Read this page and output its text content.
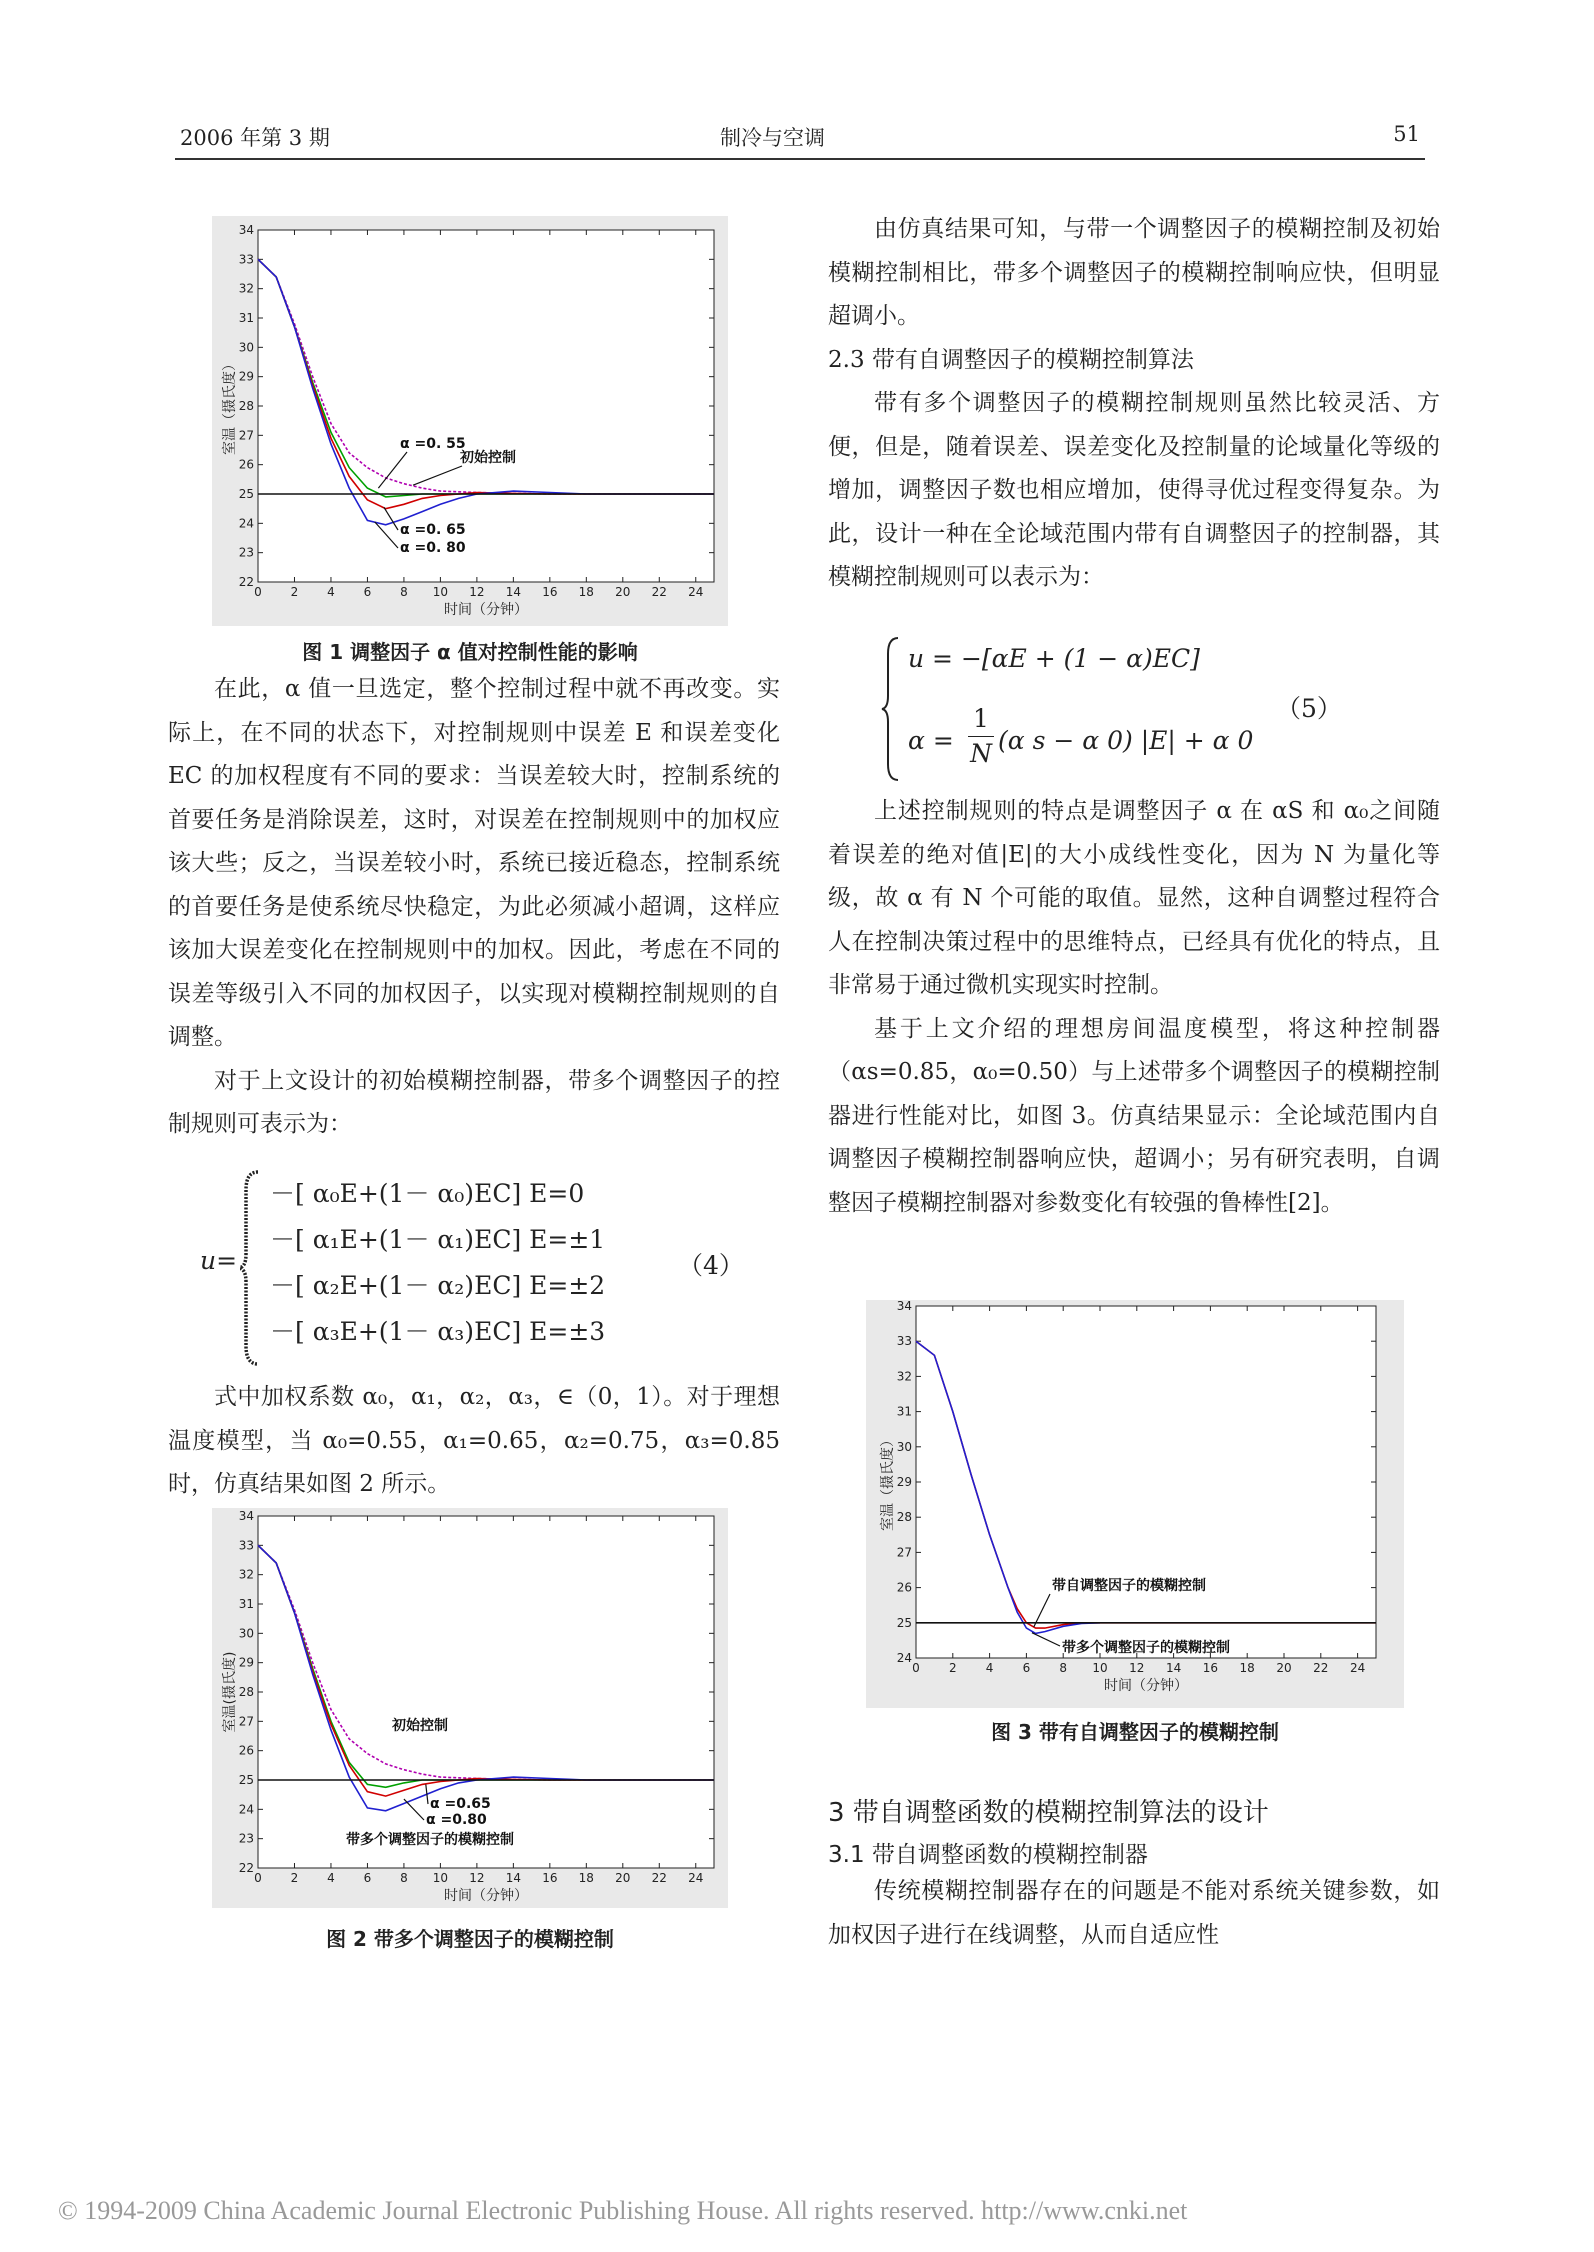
2006 年第 3 期	制冷与空调	51
0 2 4 6 8 10 12 14 16 18 20 22 24
22
23
24
25
26
27
28
29
30
31
32
33
34
时间（分钟）
室温（摄氏度）	α =0. 55
初始控制
α =0. 65
α =0. 80
图 1 调整因子 α 值对控制性能的影响

在此，α 值一旦选定，整个控制过程中就不再改变。实际上，在不同的状态下，对控制规则中误差 E 和误差变化 EC 的加权程度有不同的要求：当误差较大时，控制系统的首要任务是消除误差，这时，对误差在控制规则中的加权应该大些；反之，当误差较小时，系统已接近稳态，控制系统的首要任务是使系统尽快稳定，为此必须减小超调，这样应该加大误差变化在控制规则中的加权。因此，考虑在不同的误差等级引入不同的加权因子，以实现对模糊控制规则的自调整。

对于上文设计的初始模糊控制器，带多个调整因子的控制规则可表示为：

u=
－[ α₀E+(1－ α₀)EC] E=0
－[ α₁E+(1－ α₁)EC] E=±1
－[ α₂E+(1－ α₂)EC] E=±2
－[ α₃E+(1－ α₃)EC] E=±3
（4）

式中加权系数 α₀，α₁，α₂，α₃，∈（0，1）。对于理想温度模型，当 α₀=0.55，α₁=0.65，α₂=0.75，α₃=0.85 时，仿真结果如图 2 所示。

0 2 4 6 8 10 12 14 16 18 20 22 24
22
23
24
25
26
27
28
29
30
31
32
33
34
时间（分钟）
室温(摄氏度)	初始控制
α =0.65
α =0.80
带多个调整因子的模糊控制
图 2 带多个调整因子的模糊控制

由仿真结果可知，与带一个调整因子的模糊控制及初始模糊控制相比，带多个调整因子的模糊控制响应快，但明显超调小。

2.3 带有自调整因子的模糊控制算法

带有多个调整因子的模糊控制规则虽然比较灵活、方便，但是，随着误差、误差变化及控制量的论域量化等级的增加，调整因子数也相应增加，使得寻优过程变得复杂。为此，设计一种在全论域范围内带有自调整因子的控制器，其模糊控制规则可以表示为：

u = −[αE + (1 − α)EC]
$\alpha = \frac{1}{N} (\alpha$ s − α 0) |E| + α 0
（5）

上述控制规则的特点是调整因子 α 在 αS 和 α₀之间随着误差的绝对值|E|的大小成线性变化，因为 N 为量化等级，故 α 有 N 个可能的取值。显然，这种自调整过程符合人在控制决策过程中的思维特点，已经具有优化的特点，且非常易于通过微机实现实时控制。

基于上文介绍的理想房间温度模型，将这种控制器（αs=0.85，α₀=0.50）与上述带多个调整因子的模糊控制器进行性能对比，如图 3。仿真结果显示：全论域范围内自调整因子模糊控制器响应快，超调小；另有研究表明，自调整因子模糊控制器对参数变化有较强的鲁棒性[2]。

0 2 4 6 8 10 12 14 16 18 20 22 24
24
25
26
27
28
29
30
31
32
33
34
时间（分钟）
室温（摄氏度）
带自调整因子的模糊控制
带多个调整因子的模糊控制
图 3 带有自调整因子的模糊控制
3 带自调整函数的模糊控制算法的设计
3.1 带自调整函数的模糊控制器

传统模糊控制器存在的问题是不能对系统关键参数，如加权因子进行在线调整，从而自适应性

© 1994-2009 China Academic Journal Electronic Publishing House. All rights reserved. http://www.cnki.net
